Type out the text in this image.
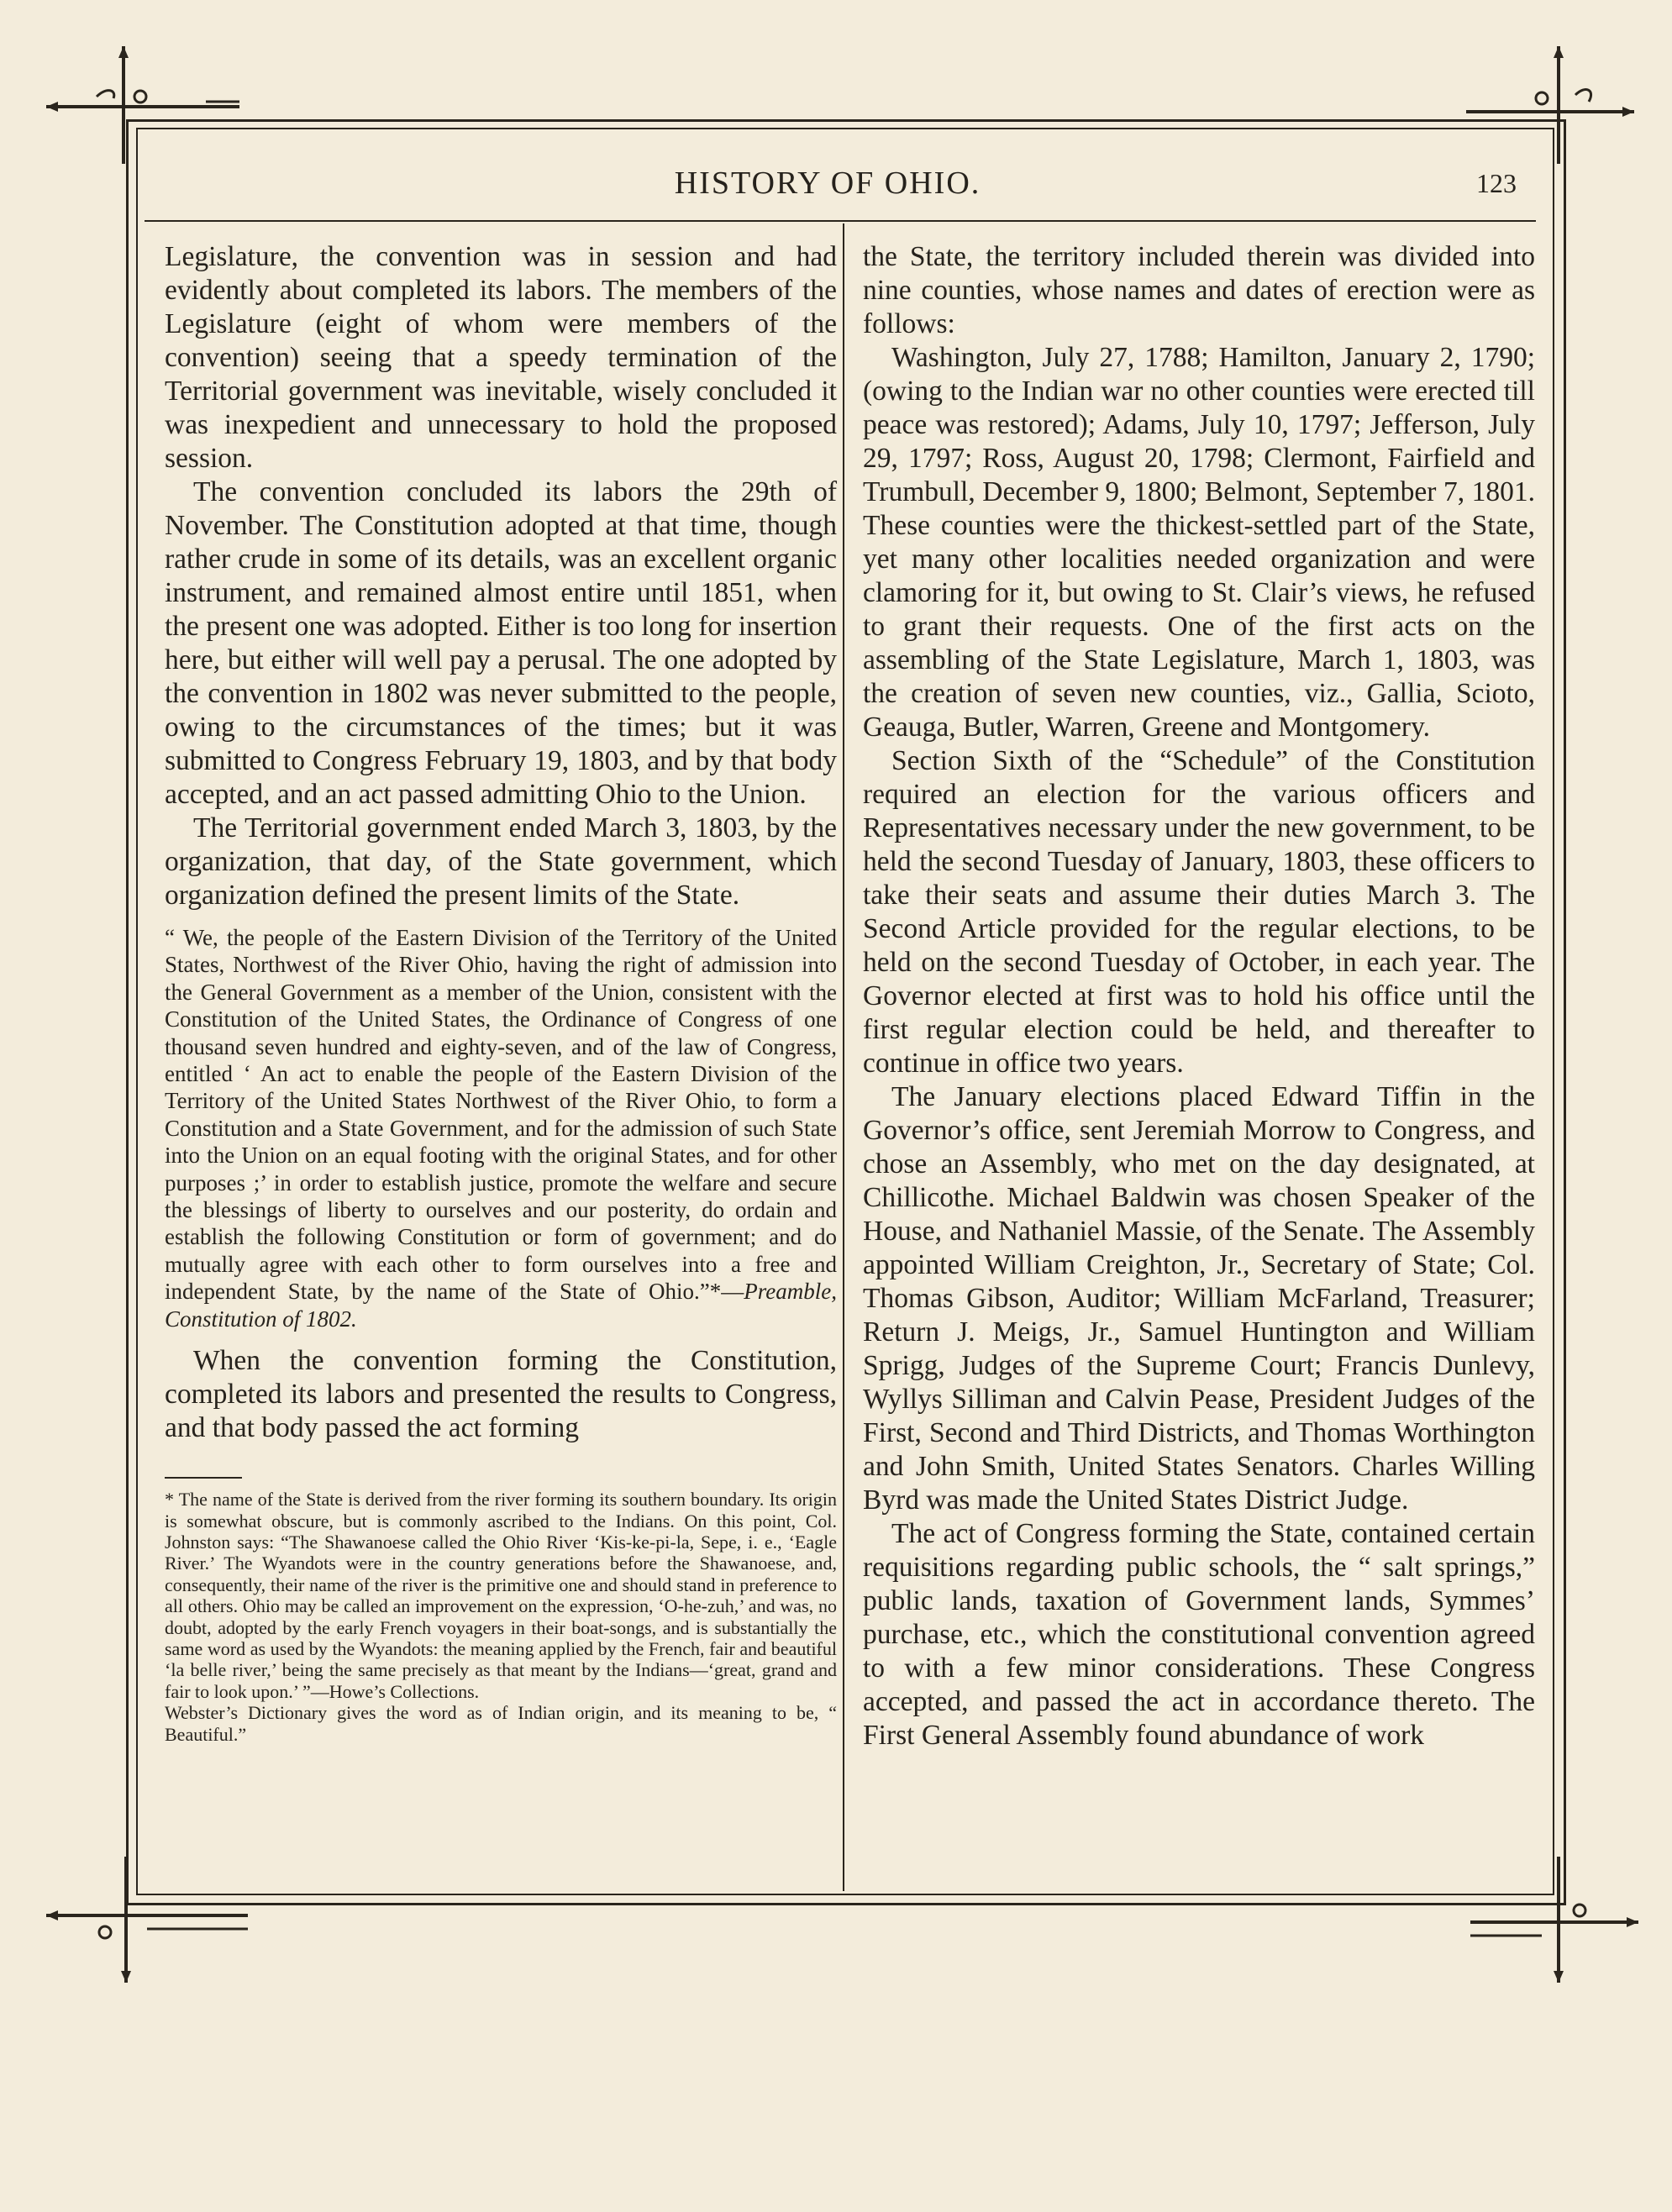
HISTORY OF OHIO.	123

Legislature, the convention was in session and had evidently about completed its labors. The members of the Legislature (eight of whom were members of the convention) seeing that a speedy termination of the Territorial government was inevitable, wisely concluded it was inexpedient and unnecessary to hold the proposed session.

The convention concluded its labors the 29th of November. The Constitution adopted at that time, though rather crude in some of its details, was an excellent organic instrument, and remained almost entire until 1851, when the present one was adopted. Either is too long for insertion here, but either will well pay a perusal. The one adopted by the convention in 1802 was never submitted to the people, owing to the circumstances of the times; but it was submitted to Congress February 19, 1803, and by that body accepted, and an act passed admitting Ohio to the Union.

The Territorial government ended March 3, 1803, by the organization, that day, of the State government, which organization defined the present limits of the State.

“ We, the people of the Eastern Division of the Territory of the United States, Northwest of the River Ohio, having the right of admission into the General Government as a member of the Union, consistent with the Constitution of the United States, the Ordinance of Congress of one thousand seven hundred and eighty-seven, and of the law of Congress, entitled ‘ An act to enable the people of the Eastern Division of the Territory of the United States Northwest of the River Ohio, to form a Constitution and a State Government, and for the admission of such State into the Union on an equal footing with the original States, and for other purposes ;’ in order to establish justice, promote the welfare and secure the blessings of liberty to ourselves and our posterity, do ordain and establish the following Constitution or form of government; and do mutually agree with each other to form ourselves into a free and independent State, by the name of the State of Ohio.”*—Preamble, Constitution of 1802.

When the convention forming the Constitution, completed its labors and presented the results to Congress, and that body passed the act forming

* The name of the State is derived from the river forming its southern boundary. Its origin is somewhat obscure, but is commonly ascribed to the Indians. On this point, Col. Johnston says: “The Shawanoese called the Ohio River ‘Kis-ke-pi-la, Sepe, i. e., ‘Eagle River.’ The Wyandots were in the country generations before the Shawanoese, and, consequently, their name of the river is the primitive one and should stand in preference to all others. Ohio may be called an improvement on the expression, ‘O-he-zuh,’ and was, no doubt, adopted by the early French voyagers in their boat-songs, and is substantially the same word as used by the Wyandots: the meaning applied by the French, fair and beautiful ‘la belle river,’ being the same precisely as that meant by the Indians—‘great, grand and fair to look upon.’ ”—Howe’s Collections.

Webster’s Dictionary gives the word as of Indian origin, and its meaning to be, “ Beautiful.”

the State, the territory included therein was divided into nine counties, whose names and dates of erection were as follows:

Washington, July 27, 1788; Hamilton, January 2, 1790; (owing to the Indian war no other counties were erected till peace was restored); Adams, July 10, 1797; Jefferson, July 29, 1797; Ross, August 20, 1798; Clermont, Fairfield and Trumbull, December 9, 1800; Belmont, September 7, 1801. These counties were the thickest-settled part of the State, yet many other localities needed organization and were clamoring for it, but owing to St. Clair’s views, he refused to grant their requests. One of the first acts on the assembling of the State Legislature, March 1, 1803, was the creation of seven new counties, viz., Gallia, Scioto, Geauga, Butler, Warren, Greene and Montgomery.

Section Sixth of the “Schedule” of the Constitution required an election for the various officers and Representatives necessary under the new government, to be held the second Tuesday of January, 1803, these officers to take their seats and assume their duties March 3. The Second Article provided for the regular elections, to be held on the second Tuesday of October, in each year. The Governor elected at first was to hold his office until the first regular election could be held, and thereafter to continue in office two years.

The January elections placed Edward Tiffin in the Governor’s office, sent Jeremiah Morrow to Congress, and chose an Assembly, who met on the day designated, at Chillicothe. Michael Baldwin was chosen Speaker of the House, and Nathaniel Massie, of the Senate. The Assembly appointed William Creighton, Jr., Secretary of State; Col. Thomas Gibson, Auditor; William McFarland, Treasurer; Return J. Meigs, Jr., Samuel Huntington and William Sprigg, Judges of the Supreme Court; Francis Dunlevy, Wyllys Silliman and Calvin Pease, President Judges of the First, Second and Third Districts, and Thomas Worthington and John Smith, United States Senators. Charles Willing Byrd was made the United States District Judge.

The act of Congress forming the State, contained certain requisitions regarding public schools, the “ salt springs,” public lands, taxation of Government lands, Symmes’ purchase, etc., which the constitutional convention agreed to with a few minor considerations. These Congress accepted, and passed the act in accordance thereto. The First General Assembly found abundance of work
